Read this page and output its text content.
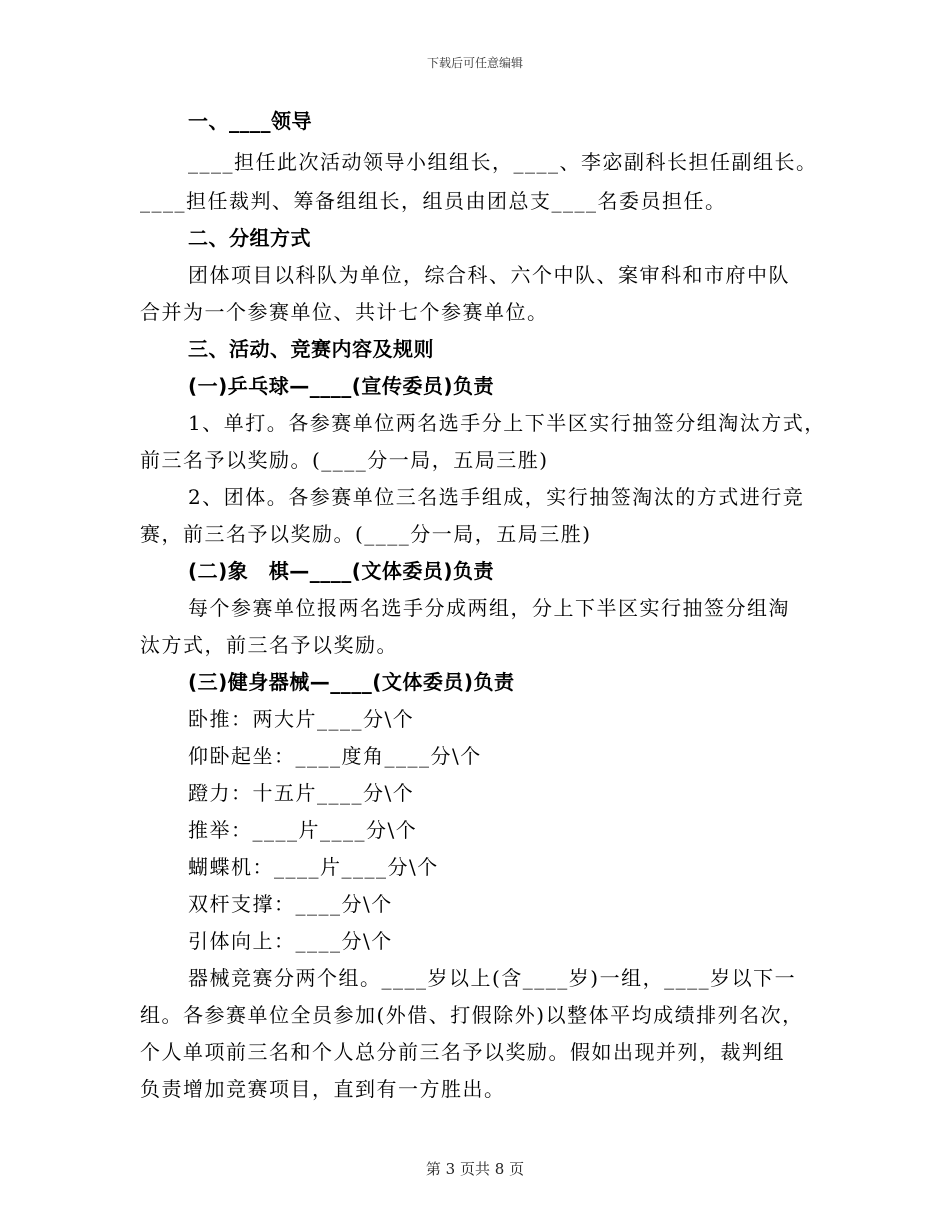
下载后可任意编辑
一、____领导
____担任此次活动领导小组组长，____、李宓副科长担任副组长。
____担任裁判、筹备组组长，组员由团总支____名委员担任。
二、分组方式
团体项目以科队为单位，综合科、六个中队、案审科和市府中队
合并为一个参赛单位、共计七个参赛单位。
三、活动、竞赛内容及规则
(一)乒乓球—____(宣传委员)负责
1、单打。各参赛单位两名选手分上下半区实行抽签分组淘汰方式，
前三名予以奖励。(____分一局，五局三胜)
2、团体。各参赛单位三名选手组成，实行抽签淘汰的方式进行竞
赛，前三名予以奖励。(____分一局，五局三胜)
(二)象　棋—____(文体委员)负责
每个参赛单位报两名选手分成两组，分上下半区实行抽签分组淘
汰方式，前三名予以奖励。
(三)健身器械—____(文体委员)负责
卧推：两大片____分\个
仰卧起坐：____度角____分\个
蹬力：十五片____分\个
推举：____片____分\个
蝴蝶机：____片____分\个
双杆支撑：____分\个
引体向上：____分\个
器械竞赛分两个组。____岁以上(含____岁)一组，____岁以下一
组。各参赛单位全员参加(外借、打假除外)以整体平均成绩排列名次，
个人单项前三名和个人总分前三名予以奖励。假如出现并列，裁判组
负责增加竞赛项目，直到有一方胜出。
第 3 页共 8 页
